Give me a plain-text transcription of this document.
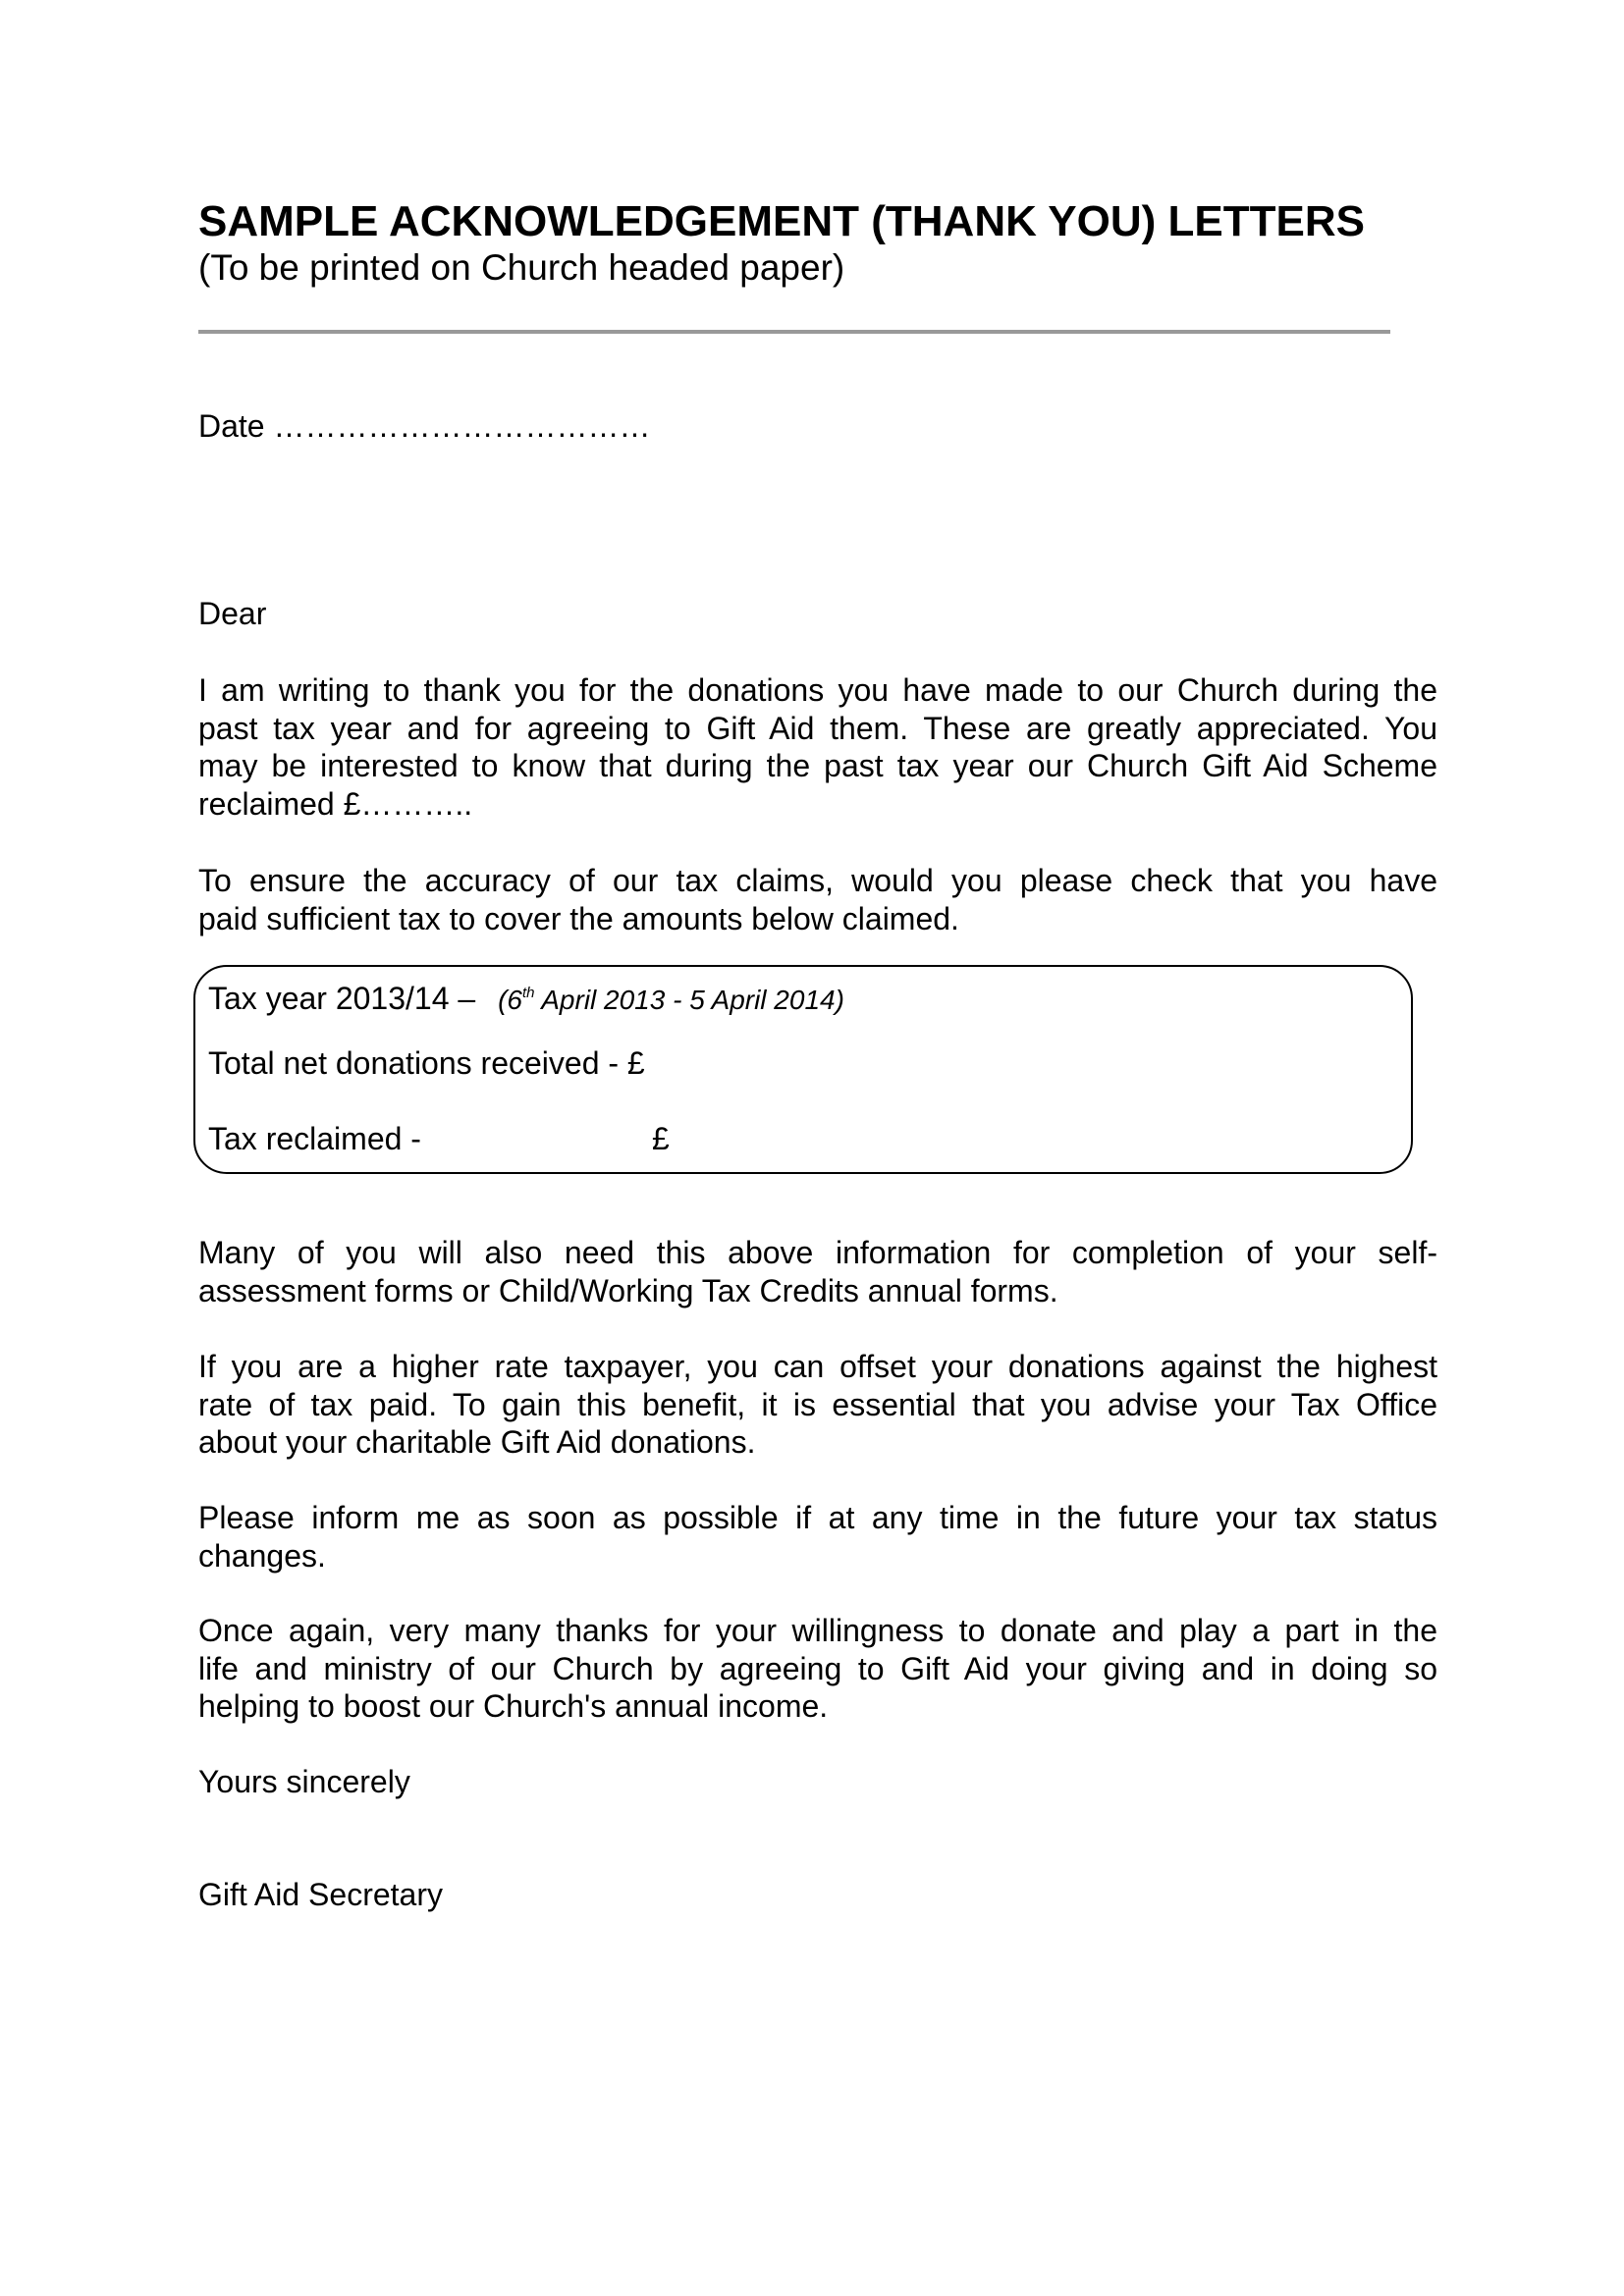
SAMPLE ACKNOWLEDGEMENT (THANK YOU) LETTERS
(To be printed on Church headed paper)
Date ………………………………
Dear
I am writing to thank you for the donations you have made to our Church during the
past tax year and for agreeing to Gift Aid them. These are greatly appreciated. You
may be interested to know that during the past tax year our Church Gift Aid Scheme
reclaimed £………..
To ensure the accuracy of our tax claims, would you please check that you have
paid sufficient tax to cover the amounts below claimed.
Tax year 2013/14 – (6th April 2013 - 5 April 2014)
Total net donations received - £
Tax reclaimed -	£
Many of you will also need this above information for completion of your self-
assessment forms or Child/Working Tax Credits annual forms.
If you are a higher rate taxpayer, you can offset your donations against the highest
rate of tax paid. To gain this benefit, it is essential that you advise your Tax Office
about your charitable Gift Aid donations.
Please inform me as soon as possible if at any time in the future your tax status
changes.
Once again, very many thanks for your willingness to donate and play a part in the
life and ministry of our Church by agreeing to Gift Aid your giving and in doing so
helping to boost our Church's annual income.
Yours sincerely
Gift Aid Secretary
